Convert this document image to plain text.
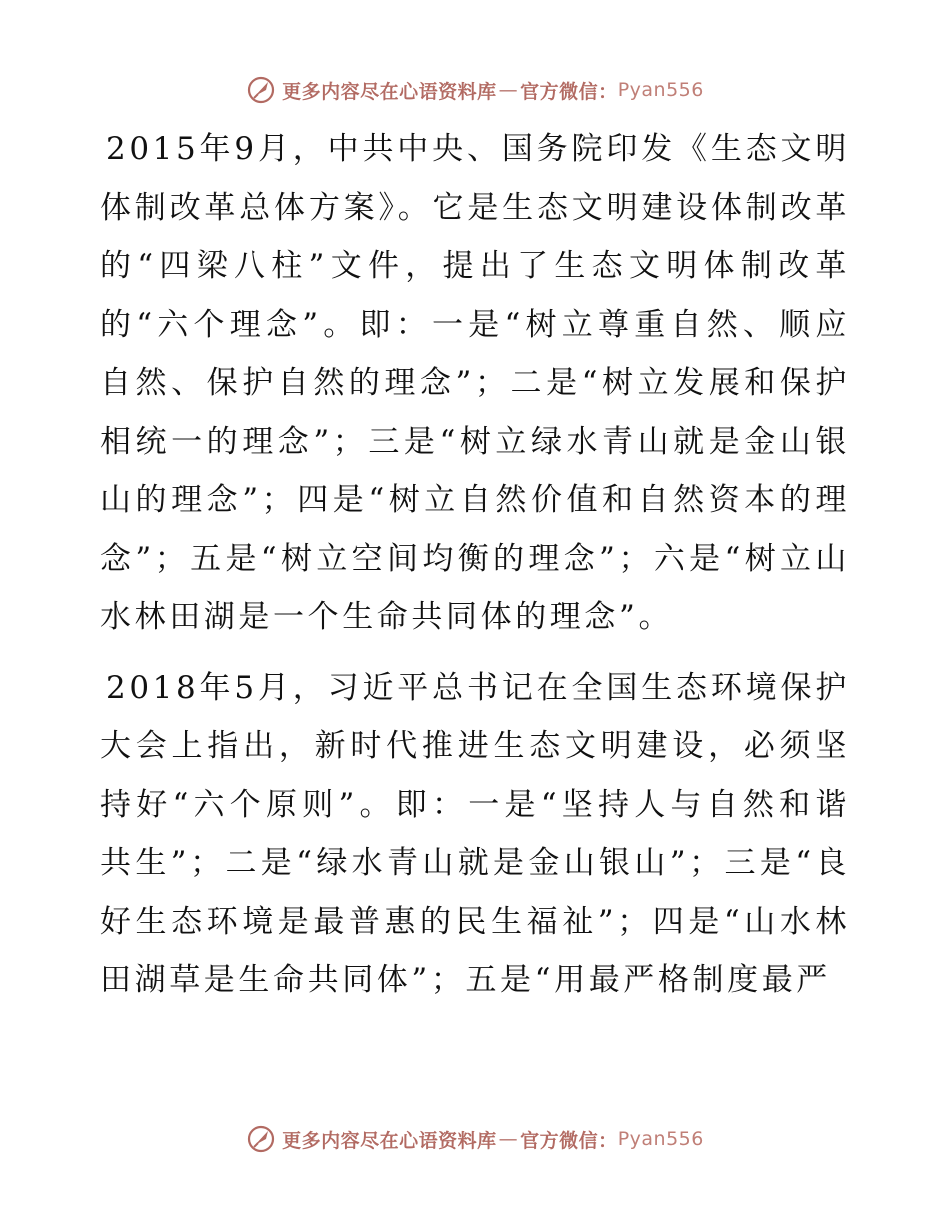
更多内容尽在心语资料库 — 官方微信： Pyan556

2015年9月，中共中央、国务院印发《生态文明体制改革总体方案》。它是生态文明建设体制改革的“四梁八柱”文件，提出了生态文明体制改革的“六个理念”。即：一是“树立尊重自然、顺应自然、保护自然的理念”；二是“树立发展和保护相统一的理念”；三是“树立绿水青山就是金山银山的理念”；四是“树立自然价值和自然资本的理念”；五是“树立空间均衡的理念”；六是“树立山水林田湖是一个生命共同体的理念”。

2018年5月，习近平总书记在全国生态环境保护大会上指出，新时代推进生态文明建设，必须坚持好“六个原则”。即：一是“坚持人与自然和谐共生”；二是“绿水青山就是金山银山”；三是“良好生态环境是最普惠的民生福祉”；四是“山水林田湖草是生命共同体”；五是“用最严格制度最严

更多内容尽在心语资料库 — 官方微信： Pyan556
